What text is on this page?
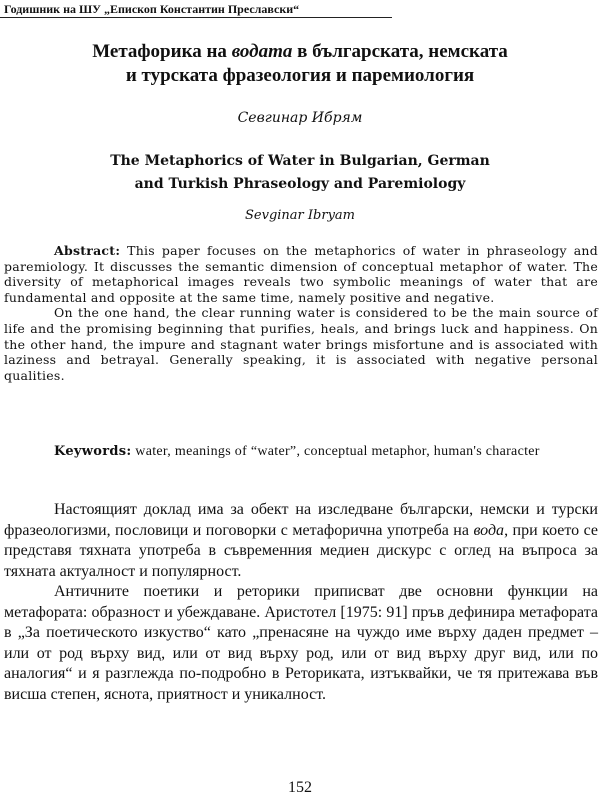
Годишник на ШУ „Епископ Константин Преславски“
Метафорика на водата в българската, немската
и турската фразеология и паремиология
Севгинар Ибрям
The Metaphorics of Water in Bulgarian, German
and Turkish Phraseology and Paremiology
Sevginar Ibryam

Abstract: This paper focuses on the metaphorics of water in phraseology and paremiology. It discusses the semantic dimension of conceptual metaphor of water. The diversity of metaphorical images reveals two symbolic meanings of water that are fundamental and opposite at the same time, namely positive and negative.

On the one hand, the clear running water is considered to be the main source of life and the promising beginning that purifies, heals, and brings luck and happiness. On the other hand, the impure and stagnant water brings misfortune and is associated with laziness and betrayal. Generally speaking, it is associated with negative personal qualities.

Keywords: water, meanings of “water”, conceptual metaphor, human's character

Настоящият доклад има за обект на изследване български, немски и турски фразеологизми, пословици и поговорки с метафорична употреба на вода, при което се представя тяхната употреба в съвременния медиен дискурс с оглед на въпроса за тяхната актуалност и популярност.

Античните поетики и реторики приписват две основни функции на метафората: образност и убеждаване. Аристотел [1975: 91] пръв дефинира метафората в „За поетическото изкуство“ като „пренасяне на чуждо име върху даден предмет – или от род върху вид, или от вид върху род, или от вид върху друг вид, или по аналогия“ и я разглежда по-подробно в Реториката, изтъквайки, че тя притежава във висша степен, яснота, приятност и уникалност.

152
